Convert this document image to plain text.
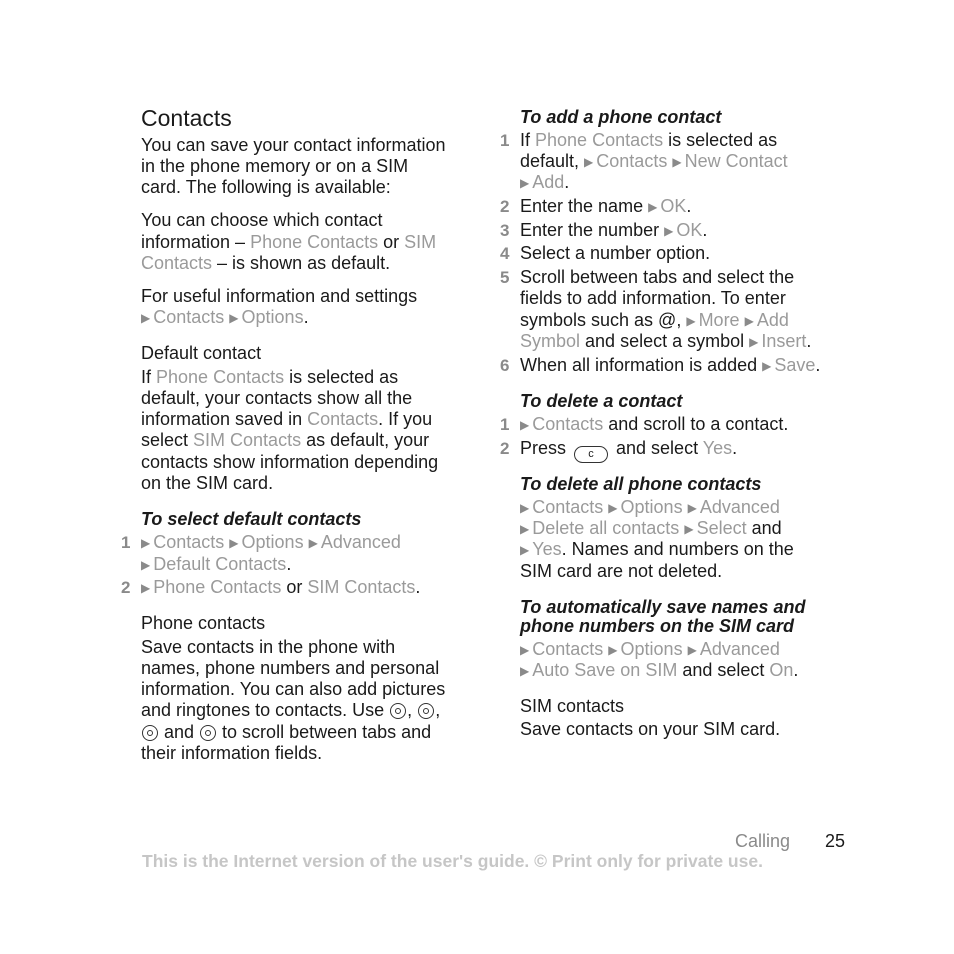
Contacts
You can save your contact information
in the phone memory or on a SIM
card. The following is available:
You can choose which contact
information – Phone Contacts or SIM
Contacts – is shown as default.
For useful information and settings
▶ Contacts ▶ Options.
Default contact
If Phone Contacts is selected as
default, your contacts show all the
information saved in Contacts. If you
select SIM Contacts as default, your
contacts show information depending
on the SIM card.
To select default contacts
1 ▶ Contacts ▶ Options ▶ Advanced
▶ Default Contacts.
2 ▶ Phone Contacts or SIM Contacts.
Phone contacts
Save contacts in the phone with
names, phone numbers and personal
information. You can also add pictures
and ringtones to contacts. Use , ,
and  to scroll between tabs and
their information fields.
To add a phone contact
1 If Phone Contacts is selected as
default, ▶ Contacts ▶ New Contact
▶ Add.
2 Enter the name ▶ OK.
3 Enter the number ▶ OK.
4 Select a number option.
5 Scroll between tabs and select the
fields to add information. To enter
symbols such as @, ▶ More ▶ Add
Symbol and select a symbol ▶ Insert.
6 When all information is added ▶ Save.
To delete a contact
1 ▶ Contacts and scroll to a contact.
2 Press c and select Yes.
To delete all phone contacts
▶ Contacts ▶ Options ▶ Advanced
▶ Delete all contacts ▶ Select and
▶ Yes. Names and numbers on the
SIM card are not deleted.
To automatically save names and
phone numbers on the SIM card
▶ Contacts ▶ Options ▶ Advanced
▶ Auto Save on SIM and select On.
SIM contacts
Save contacts on your SIM card.
Calling 25
This is the Internet version of the user's guide. © Print only for private use.
